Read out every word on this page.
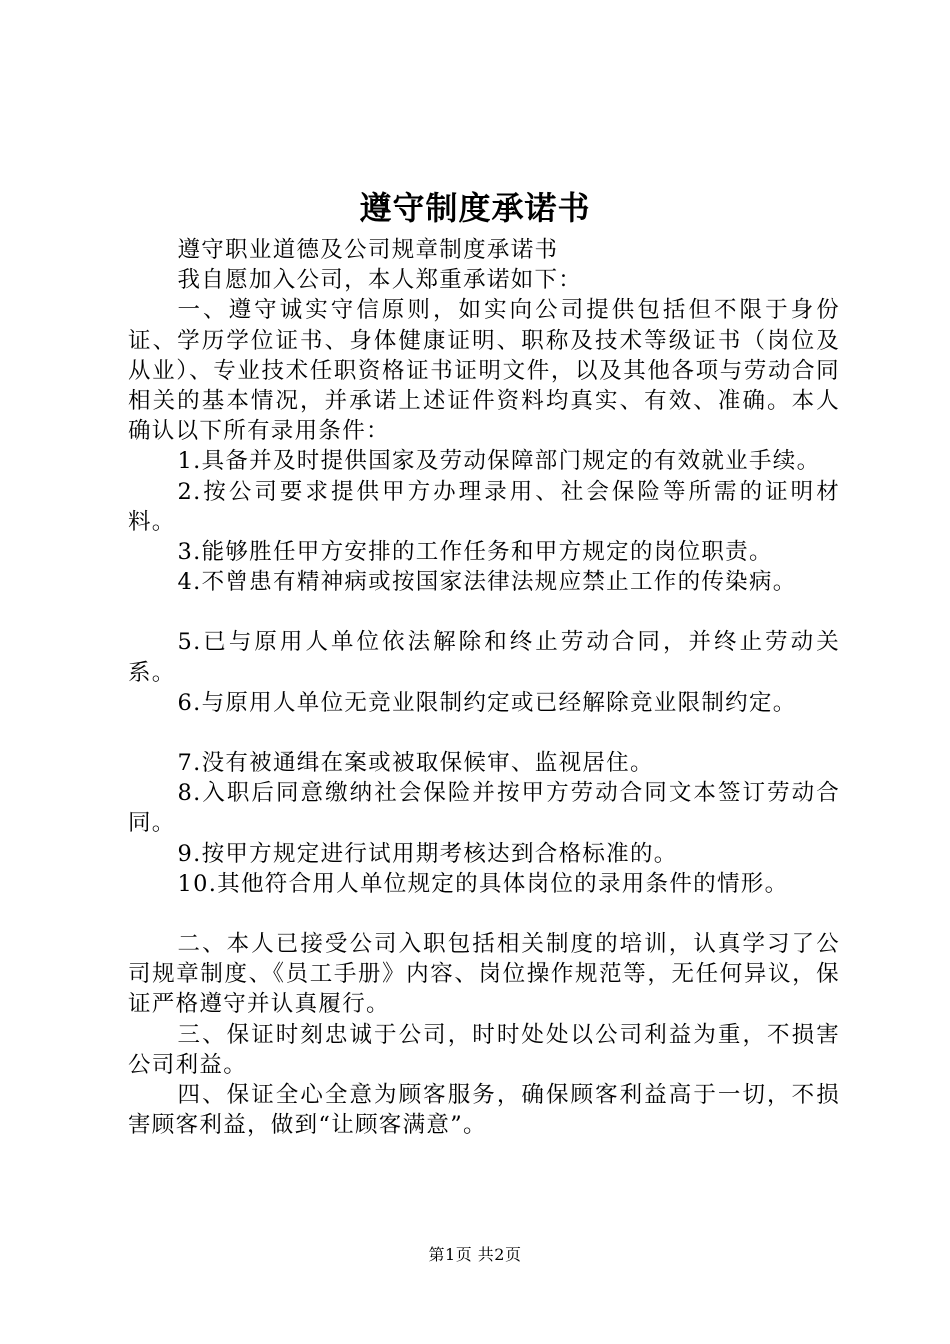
遵守制度承诺书

遵守职业道德及公司规章制度承诺书

我自愿加入公司，本人郑重承诺如下：

一、遵守诚实守信原则，如实向公司提供包括但不限于身份证、学历学位证书、身体健康证明、职称及技术等级证书（岗位及从业）、专业技术任职资格证书证明文件，以及其他各项与劳动合同相关的基本情况，并承诺上述证件资料均真实、有效、准确。本人确认以下所有录用条件：

1.具备并及时提供国家及劳动保障部门规定的有效就业手续。

2.按公司要求提供甲方办理录用、社会保险等所需的证明材料。

3.能够胜任甲方安排的工作任务和甲方规定的岗位职责。

4.不曾患有精神病或按国家法律法规应禁止工作的传染病。

5.已与原用人单位依法解除和终止劳动合同，并终止劳动关系。

6.与原用人单位无竞业限制约定或已经解除竞业限制约定。

7.没有被通缉在案或被取保候审、监视居住。

8.入职后同意缴纳社会保险并按甲方劳动合同文本签订劳动合同。

9.按甲方规定进行试用期考核达到合格标准的。

10.其他符合用人单位规定的具体岗位的录用条件的情形。

二、本人已接受公司入职包括相关制度的培训，认真学习了公司规章制度、《员工手册》内容、岗位操作规范等，无任何异议，保证严格遵守并认真履行。

三、保证时刻忠诚于公司，时时处处以公司利益为重，不损害公司利益。

四、保证全心全意为顾客服务，确保顾客利益高于一切，不损害顾客利益，做到“让顾客满意”。

第1页 共2页
